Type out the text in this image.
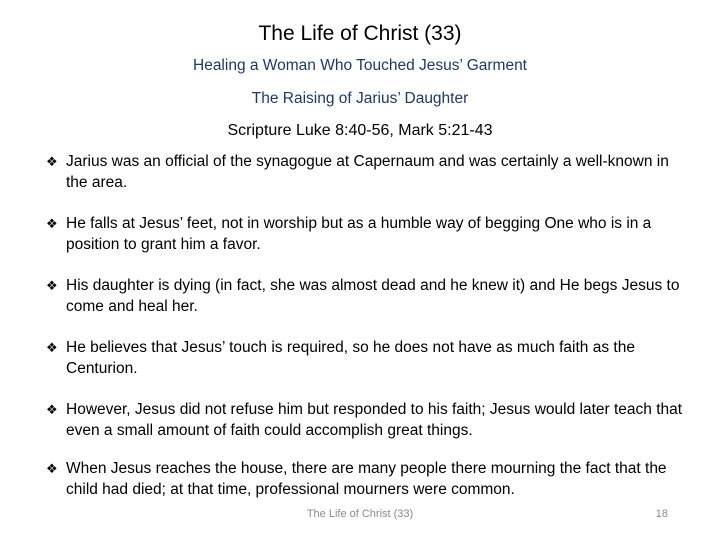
The Life of Christ (33)
Healing a Woman Who Touched Jesus’ Garment
The Raising of Jarius’ Daughter
Scripture Luke 8:40-56, Mark 5:21-43
❖ Jarius was an official of the synagogue at Capernaum and was certainly a well-known in the area.
❖ He falls at Jesus’ feet, not in worship but as a humble way of begging One who is in a position to grant him a favor.
❖ His daughter is dying (in fact, she was almost dead and he knew it) and He begs Jesus to come and heal her.
❖ He believes that Jesus’ touch is required, so he does not have as much faith as the Centurion.
❖ However, Jesus did not refuse him but responded to his faith; Jesus would later teach that even a small amount of faith could accomplish great things.
❖ When Jesus reaches the house, there are many people there mourning the fact that the child had died; at that time, professional mourners were common.
The Life of Christ (33)	18
